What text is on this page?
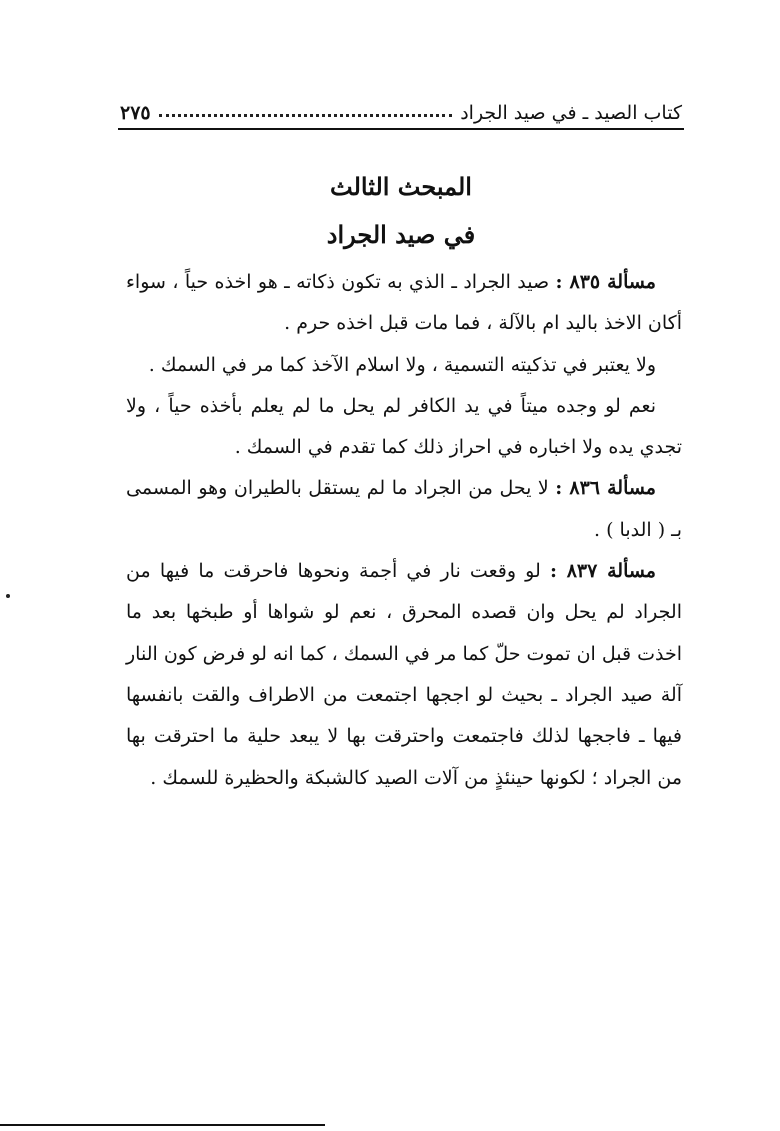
كتاب الصيد ـ في صيد الجراد
٢٧٥
المبحث الثالث
في صيد الجراد

مسألة ٨٣٥ : صيد الجراد ـ الذي به تكون ذكاته ـ هو اخذه حياً ، سواء أكان الاخذ باليد ام بالآلة ، فما مات قبل اخذه حرم .

ولا يعتبر في تذكيته التسمية ، ولا اسلام الآخذ كما مر في السمك .

نعم لو وجده ميتاً في يد الكافر لم يحل ما لم يعلم بأخذه حياً ، ولا تجدي يده ولا اخباره في احراز ذلك كما تقدم في السمك .

مسألة ٨٣٦ : لا يحل من الجراد ما لم يستقل بالطيران وهو المسمى بـ ( الدبا ) .

مسألة ٨٣٧ : لو وقعت نار في أجمة ونحوها فاحرقت ما فيها من الجراد لم يحل وان قصده المحرق ، نعم لو شواها أو طبخها بعد ما اخذت قبل ان تموت حلّ كما مر في السمك ، كما انه لو فرض كون النار آلة صيد الجراد ـ بحيث لو اججها اجتمعت من الاطراف والقت بانفسها فيها ـ فاججها لذلك فاجتمعت واحترقت بها لا يبعد حلية ما احترقت بها من الجراد ؛ لكونها حينئذٍ من آلات الصيد كالشبكة والحظيرة للسمك .
